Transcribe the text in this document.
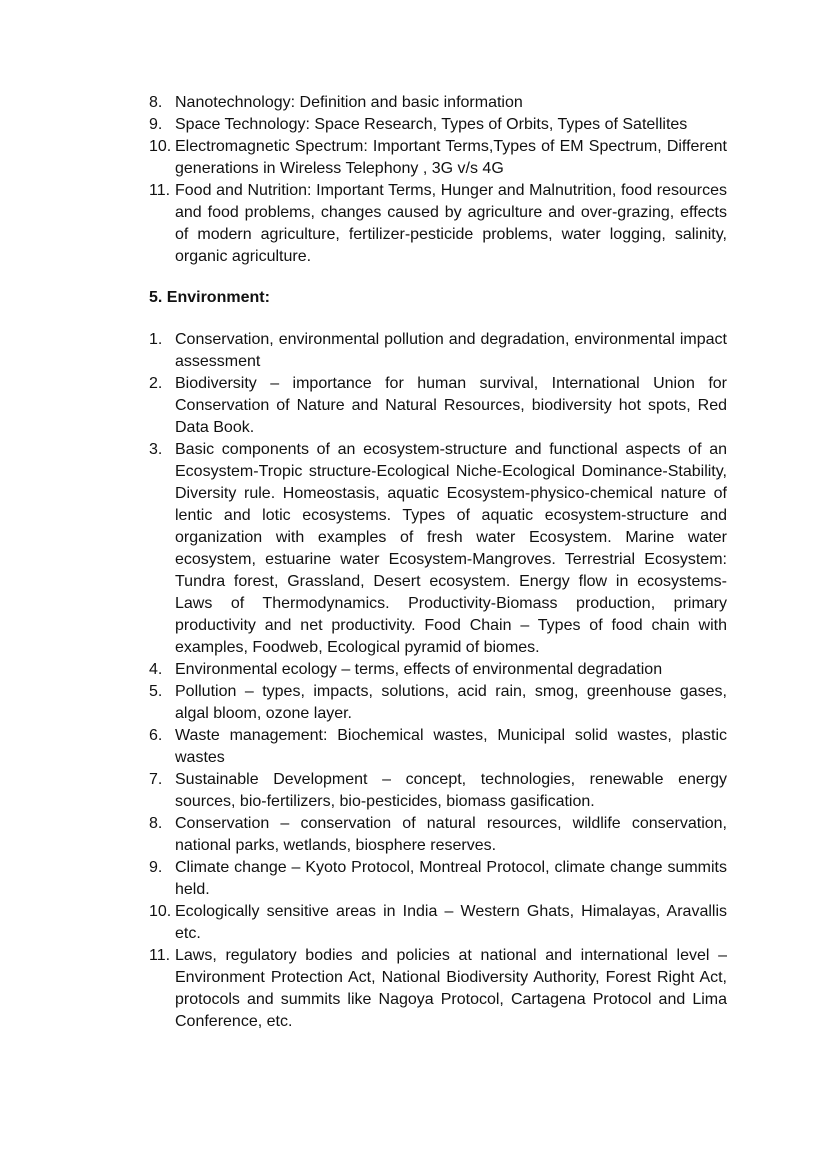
8. Nanotechnology: Definition and basic information
9. Space Technology: Space Research, Types of Orbits, Types of Satellites
10. Electromagnetic Spectrum: Important Terms,Types of EM Spectrum, Different generations in Wireless Telephony , 3G v/s 4G
11. Food and Nutrition: Important Terms, Hunger and Malnutrition, food resources and food problems, changes caused by agriculture and over-grazing, effects of modern agriculture, fertilizer-pesticide problems, water logging, salinity, organic agriculture.
5. Environment:
1. Conservation, environmental pollution and degradation, environmental impact assessment
2. Biodiversity – importance for human survival, International Union for Conservation of Nature and Natural Resources, biodiversity hot spots, Red Data Book.
3. Basic components of an ecosystem-structure and functional aspects of an Ecosystem-Tropic structure-Ecological Niche-Ecological Dominance-Stability, Diversity rule. Homeostasis, aquatic Ecosystem-physico-chemical nature of lentic and lotic ecosystems. Types of aquatic ecosystem-structure and organization with examples of fresh water Ecosystem. Marine water ecosystem, estuarine water Ecosystem-Mangroves. Terrestrial Ecosystem: Tundra forest, Grassland, Desert ecosystem. Energy flow in ecosystems-Laws of Thermodynamics. Productivity-Biomass production, primary productivity and net productivity. Food Chain – Types of food chain with examples, Foodweb, Ecological pyramid of biomes.
4. Environmental ecology – terms, effects of environmental degradation
5. Pollution – types, impacts, solutions, acid rain, smog, greenhouse gases, algal bloom, ozone layer.
6. Waste management: Biochemical wastes, Municipal solid wastes, plastic wastes
7. Sustainable Development – concept, technologies, renewable energy sources, bio-fertilizers, bio-pesticides, biomass gasification.
8. Conservation – conservation of natural resources, wildlife conservation, national parks, wetlands, biosphere reserves.
9. Climate change – Kyoto Protocol, Montreal Protocol, climate change summits held.
10. Ecologically sensitive areas in India – Western Ghats, Himalayas, Aravallis etc.
11. Laws, regulatory bodies and policies at national and international level – Environment Protection Act, National Biodiversity Authority, Forest Right Act, protocols and summits like Nagoya Protocol, Cartagena Protocol and Lima Conference, etc.
